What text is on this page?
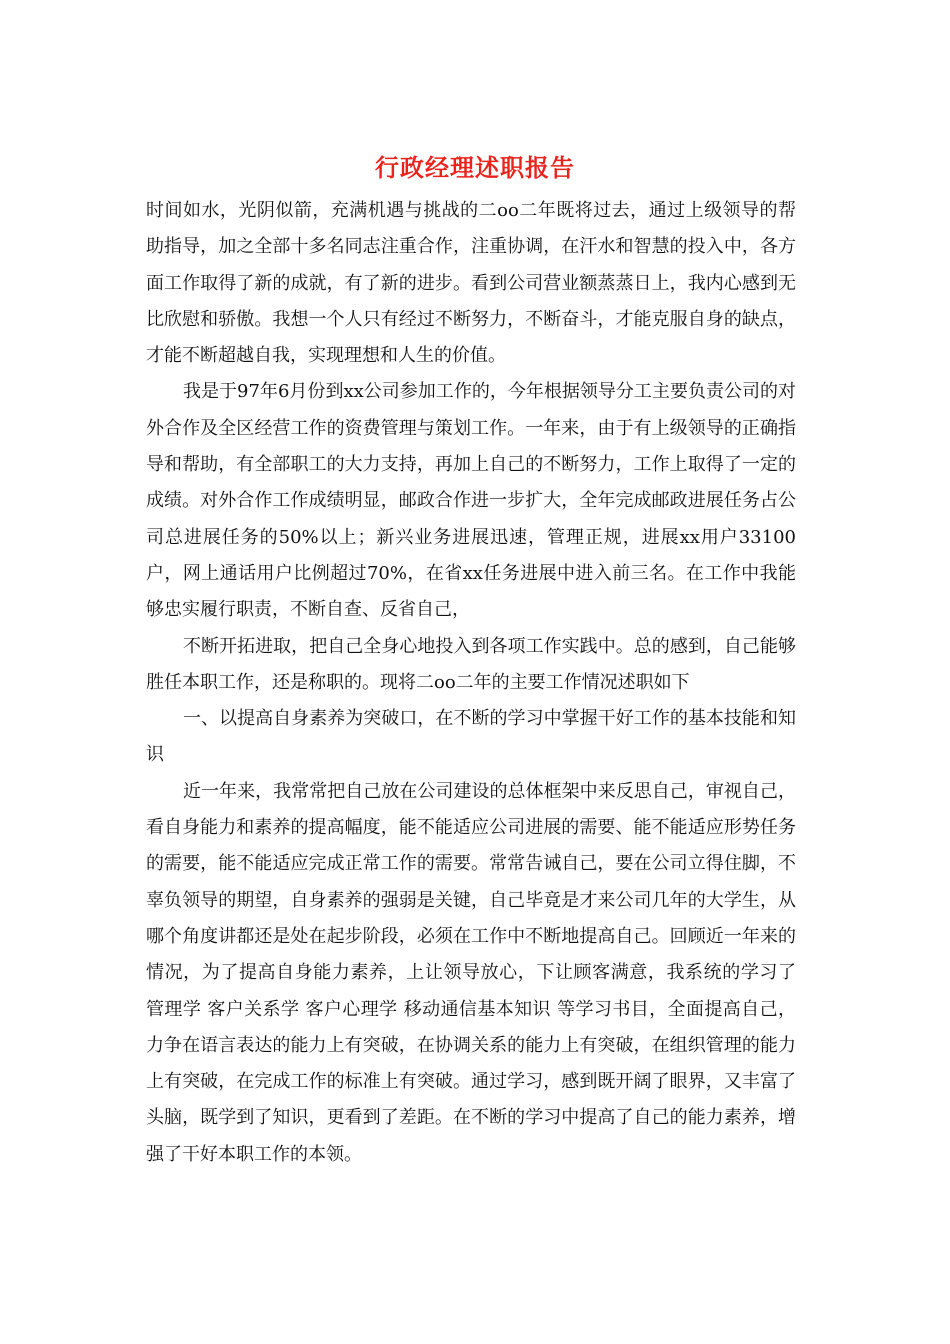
行政经理述职报告

时间如水，光阴似箭，充满机遇与挑战的二oo二年既将过去，通过上级领导的帮助指导，加之全部十多名同志注重合作，注重协调，在汗水和智慧的投入中，各方面工作取得了新的成就，有了新的进步。看到公司营业额蒸蒸日上，我内心感到无比欣慰和骄傲。我想一个人只有经过不断努力，不断奋斗，才能克服自身的缺点，才能不断超越自我，实现理想和人生的价值。

我是于97年6月份到xx公司参加工作的，今年根据领导分工主要负责公司的对外合作及全区经营工作的资费管理与策划工作。一年来，由于有上级领导的正确指导和帮助，有全部职工的大力支持，再加上自己的不断努力，工作上取得了一定的成绩。对外合作工作成绩明显，邮政合作进一步扩大，全年完成邮政进展任务占公司总进展任务的50%以上；新兴业务进展迅速，管理正规，进展xx用户33100户，网上通话用户比例超过70%，在省xx任务进展中进入前三名。在工作中我能够忠实履行职责，不断自查、反省自己，

不断开拓进取，把自己全身心地投入到各项工作实践中。总的感到，自己能够胜任本职工作，还是称职的。现将二oo二年的主要工作情况述职如下

一、以提高自身素养为突破口，在不断的学习中掌握干好工作的基本技能和知识

近一年来，我常常把自己放在公司建设的总体框架中来反思自己，审视自己，看自身能力和素养的提高幅度，能不能适应公司进展的需要、能不能适应形势任务的需要，能不能适应完成正常工作的需要。常常告诫自己，要在公司立得住脚，不辜负领导的期望，自身素养的强弱是关键，自己毕竟是才来公司几年的大学生，从哪个角度讲都还是处在起步阶段，必须在工作中不断地提高自己。回顾近一年来的情况，为了提高自身能力素养，上让领导放心，下让顾客满意，我系统的学习了 管理学 客户关系学 客户心理学 移动通信基本知识 等学习书目，全面提高自己，力争在语言表达的能力上有突破，在协调关系的能力上有突破，在组织管理的能力上有突破，在完成工作的标准上有突破。通过学习，感到既开阔了眼界，又丰富了头脑，既学到了知识，更看到了差距。在不断的学习中提高了自己的能力素养，增强了干好本职工作的本领。
